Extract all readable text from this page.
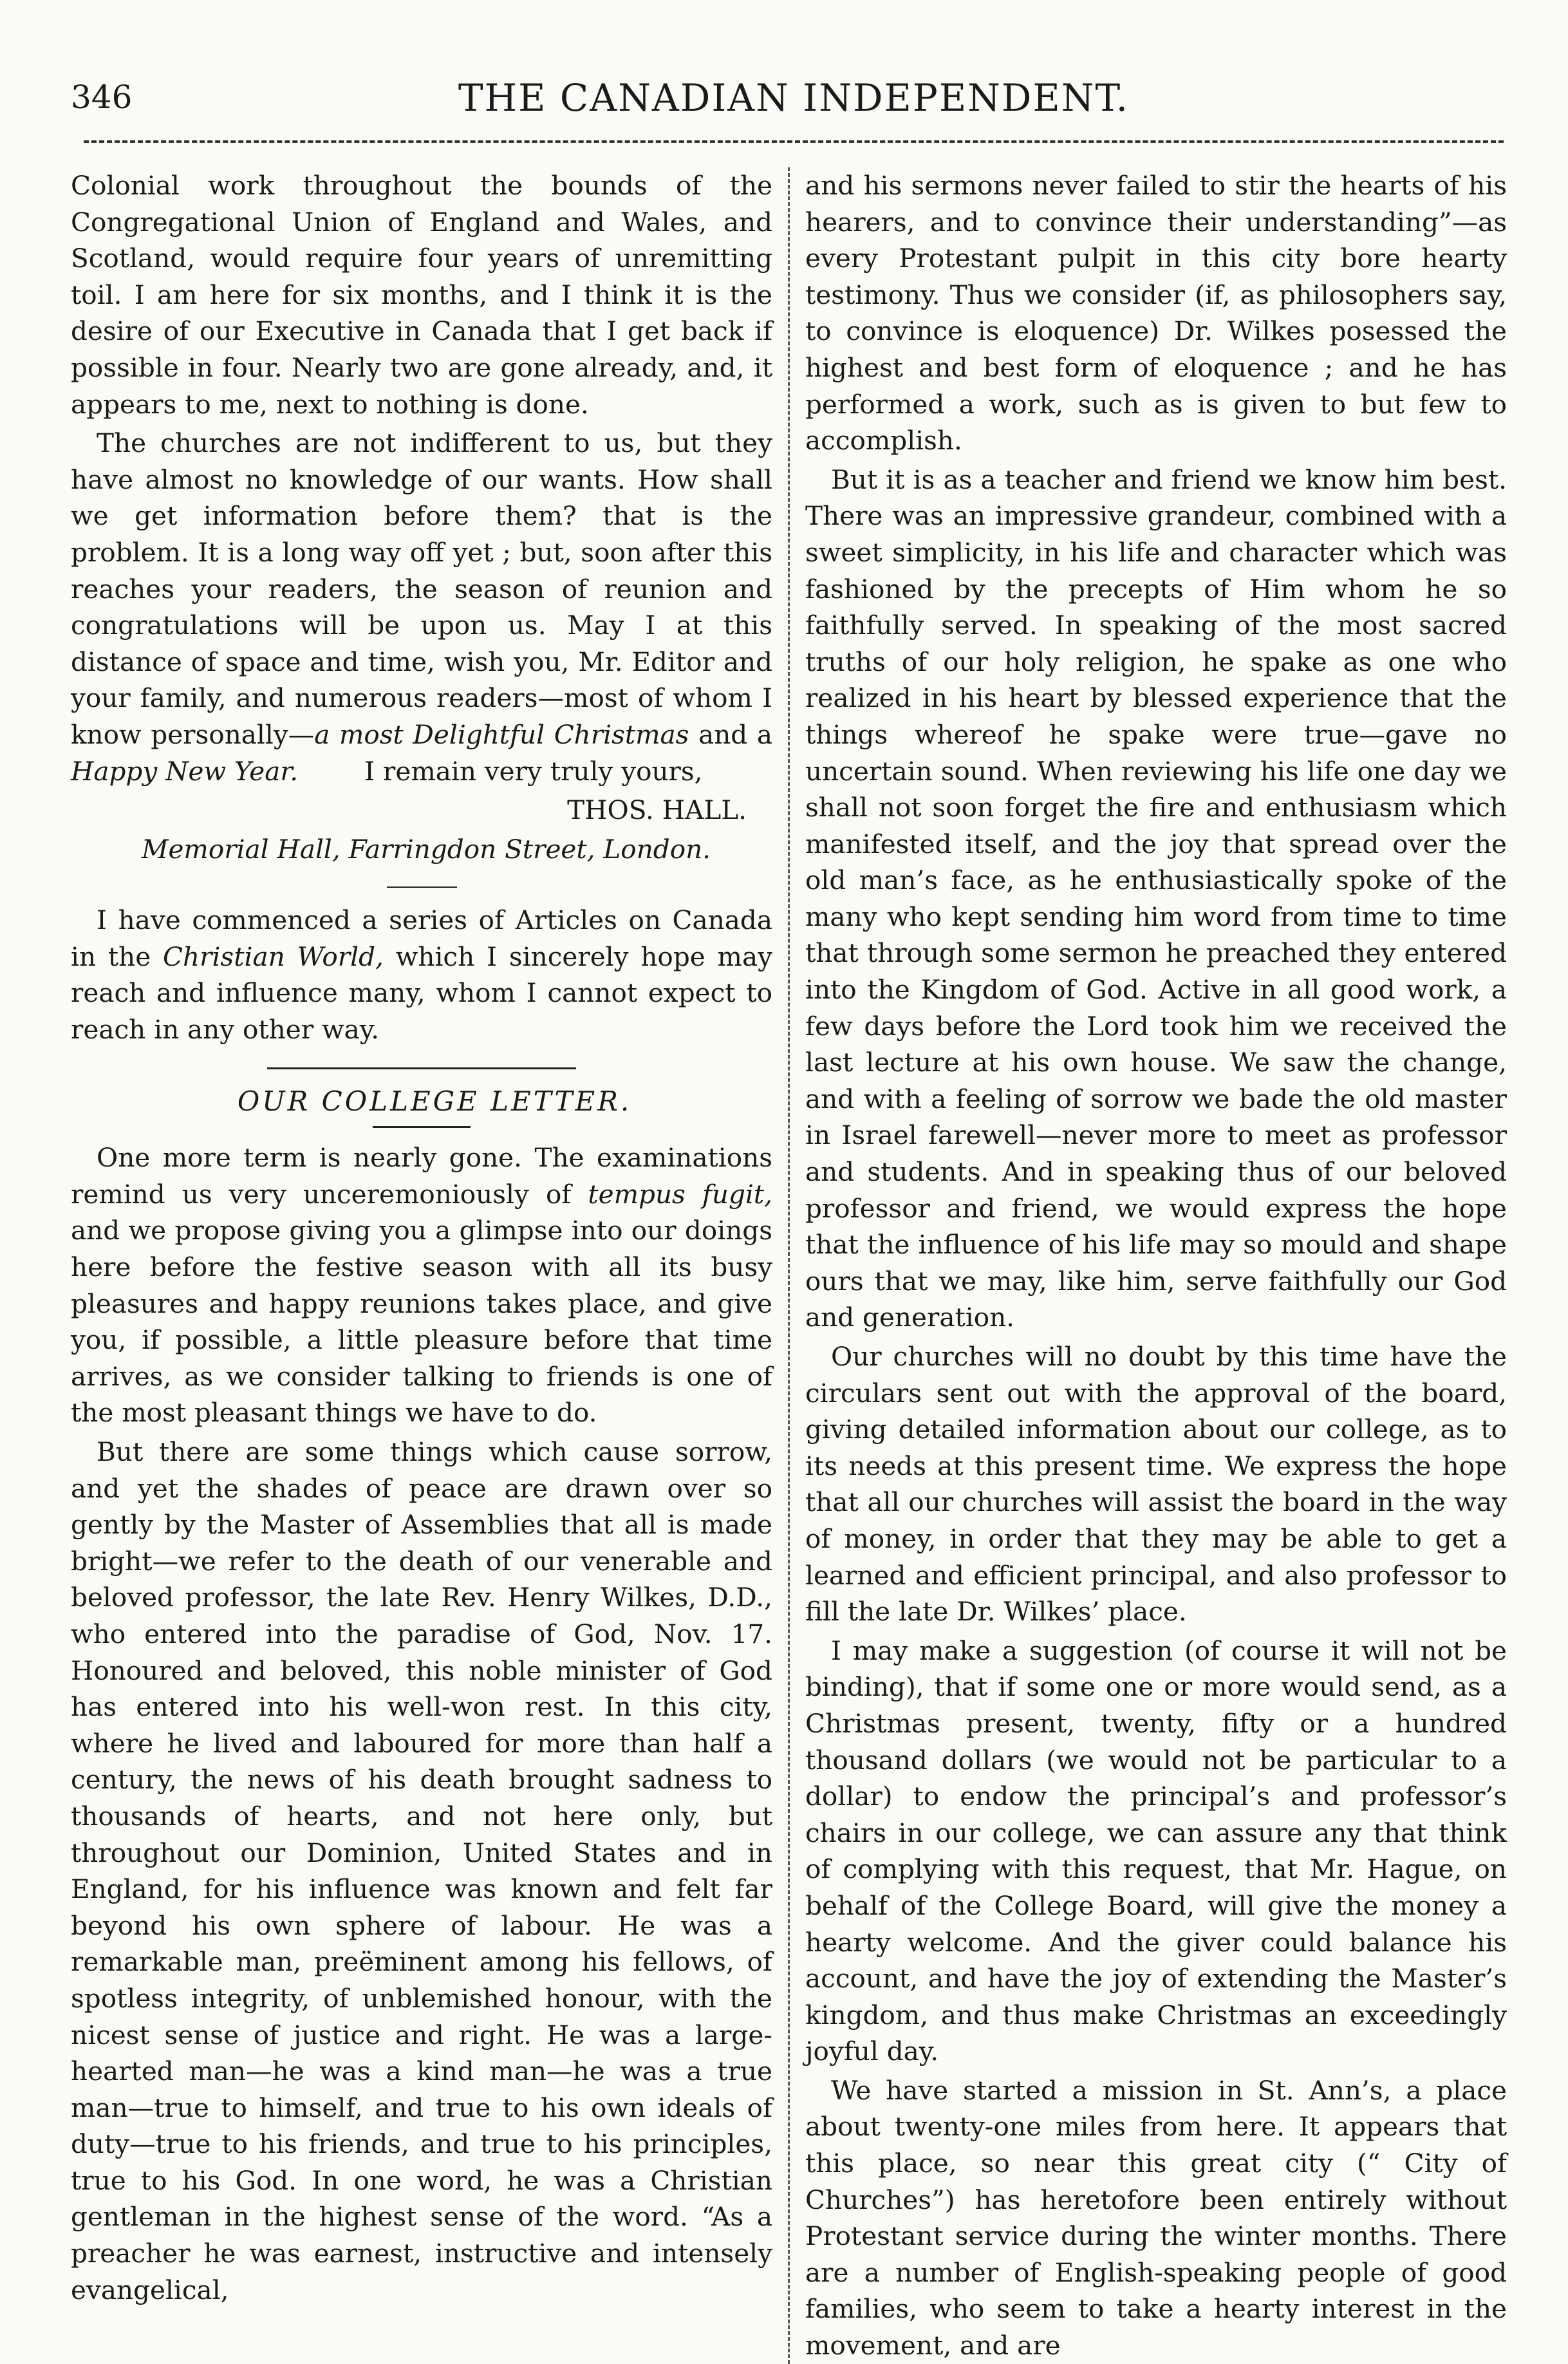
346	THE CANADIAN INDEPENDENT.

Colonial work throughout the bounds of the Congregational Union of England and Wales, and Scotland, would require four years of unremitting toil. I am here for six months, and I think it is the desire of our Executive in Canada that I get back if possible in four. Nearly two are gone already, and, it appears to me, next to nothing is done.

The churches are not indifferent to us, but they have almost no knowledge of our wants. How shall we get information before them? that is the problem. It is a long way off yet ; but, soon after this reaches your readers, the season of reunion and congratulations will be upon us. May I at this distance of space and time, wish you, Mr. Editor and your family, and numerous readers—most of whom I know personally—a most Delightful Christmas and a Happy New Year.	I remain very truly yours,

THOS. HALL.

Memorial Hall, Farringdon Street, London.

I have commenced a series of Articles on Canada in the Christian World, which I sincerely hope may reach and influence many, whom I cannot expect to reach in any other way.

OUR COLLEGE LETTER.

One more term is nearly gone. The examinations remind us very unceremoniously of tempus fugit, and we propose giving you a glimpse into our doings here before the festive season with all its busy pleasures and happy reunions takes place, and give you, if possible, a little pleasure before that time arrives, as we consider talking to friends is one of the most pleasant things we have to do.

But there are some things which cause sorrow, and yet the shades of peace are drawn over so gently by the Master of Assemblies that all is made bright—we refer to the death of our venerable and beloved professor, the late Rev. Henry Wilkes, D.D., who entered into the paradise of God, Nov. 17. Honoured and beloved, this noble minister of God has entered into his well-won rest. In this city, where he lived and laboured for more than half a century, the news of his death brought sadness to thousands of hearts, and not here only, but throughout our Dominion, United States and in England, for his influence was known and felt far beyond his own sphere of labour. He was a remarkable man, preëminent among his fellows, of spotless integrity, of unblemished honour, with the nicest sense of justice and right. He was a large-hearted man—he was a kind man—he was a true man—true to himself, and true to his own ideals of duty—true to his friends, and true to his principles, true to his God. In one word, he was a Christian gentleman in the highest sense of the word. “As a preacher he was earnest, instructive and intensely evangelical,

and his sermons never failed to stir the hearts of his hearers, and to convince their understanding”—as every Protestant pulpit in this city bore hearty testimony. Thus we consider (if, as philosophers say, to convince is eloquence) Dr. Wilkes posessed the highest and best form of eloquence ; and he has performed a work, such as is given to but few to accomplish.

But it is as a teacher and friend we know him best. There was an impressive grandeur, combined with a sweet simplicity, in his life and character which was fashioned by the precepts of Him whom he so faithfully served. In speaking of the most sacred truths of our holy religion, he spake as one who realized in his heart by blessed experience that the things whereof he spake were true—gave no uncertain sound. When reviewing his life one day we shall not soon forget the fire and enthusiasm which manifested itself, and the joy that spread over the old man’s face, as he enthusiastically spoke of the many who kept sending him word from time to time that through some sermon he preached they entered into the Kingdom of God. Active in all good work, a few days before the Lord took him we received the last lecture at his own house. We saw the change, and with a feeling of sorrow we bade the old master in Israel farewell—never more to meet as professor and students. And in speaking thus of our beloved professor and friend, we would express the hope that the influence of his life may so mould and shape ours that we may, like him, serve faithfully our God and generation.

Our churches will no doubt by this time have the circulars sent out with the approval of the board, giving detailed information about our college, as to its needs at this present time. We express the hope that all our churches will assist the board in the way of money, in order that they may be able to get a learned and efficient principal, and also professor to fill the late Dr. Wilkes’ place.

I may make a suggestion (of course it will not be binding), that if some one or more would send, as a Christmas present, twenty, fifty or a hundred thousand dollars (we would not be particular to a dollar) to endow the principal’s and professor’s chairs in our college, we can assure any that think of complying with this request, that Mr. Hague, on behalf of the College Board, will give the money a hearty welcome. And the giver could balance his account, and have the joy of extending the Master’s kingdom, and thus make Christmas an exceedingly joyful day.

We have started a mission in St. Ann’s, a place about twenty-one miles from here. It appears that this place, so near this great city (“ City of Churches”) has heretofore been entirely without Protestant service during the winter months. There are a number of English-speaking people of good families, who seem to take a hearty interest in the movement, and are
